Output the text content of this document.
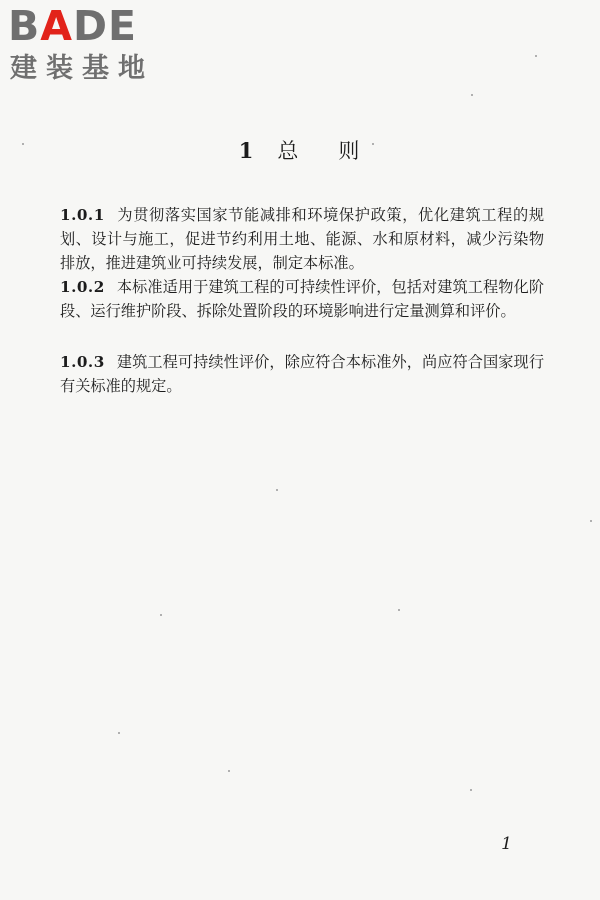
BADE
建装基地
1 总 则
1.0.1 为贯彻落实国家节能减排和环境保护政策，优化建筑工程的规划、设计与施工，促进节约利用土地、能源、水和原材料，减少污染物排放，推进建筑业可持续发展，制定本标准。
1.0.2 本标准适用于建筑工程的可持续性评价，包括对建筑工程物化阶段、运行维护阶段、拆除处置阶段的环境影响进行定量测算和评价。
1.0.3 建筑工程可持续性评价，除应符合本标准外，尚应符合国家现行有关标准的规定。
1
